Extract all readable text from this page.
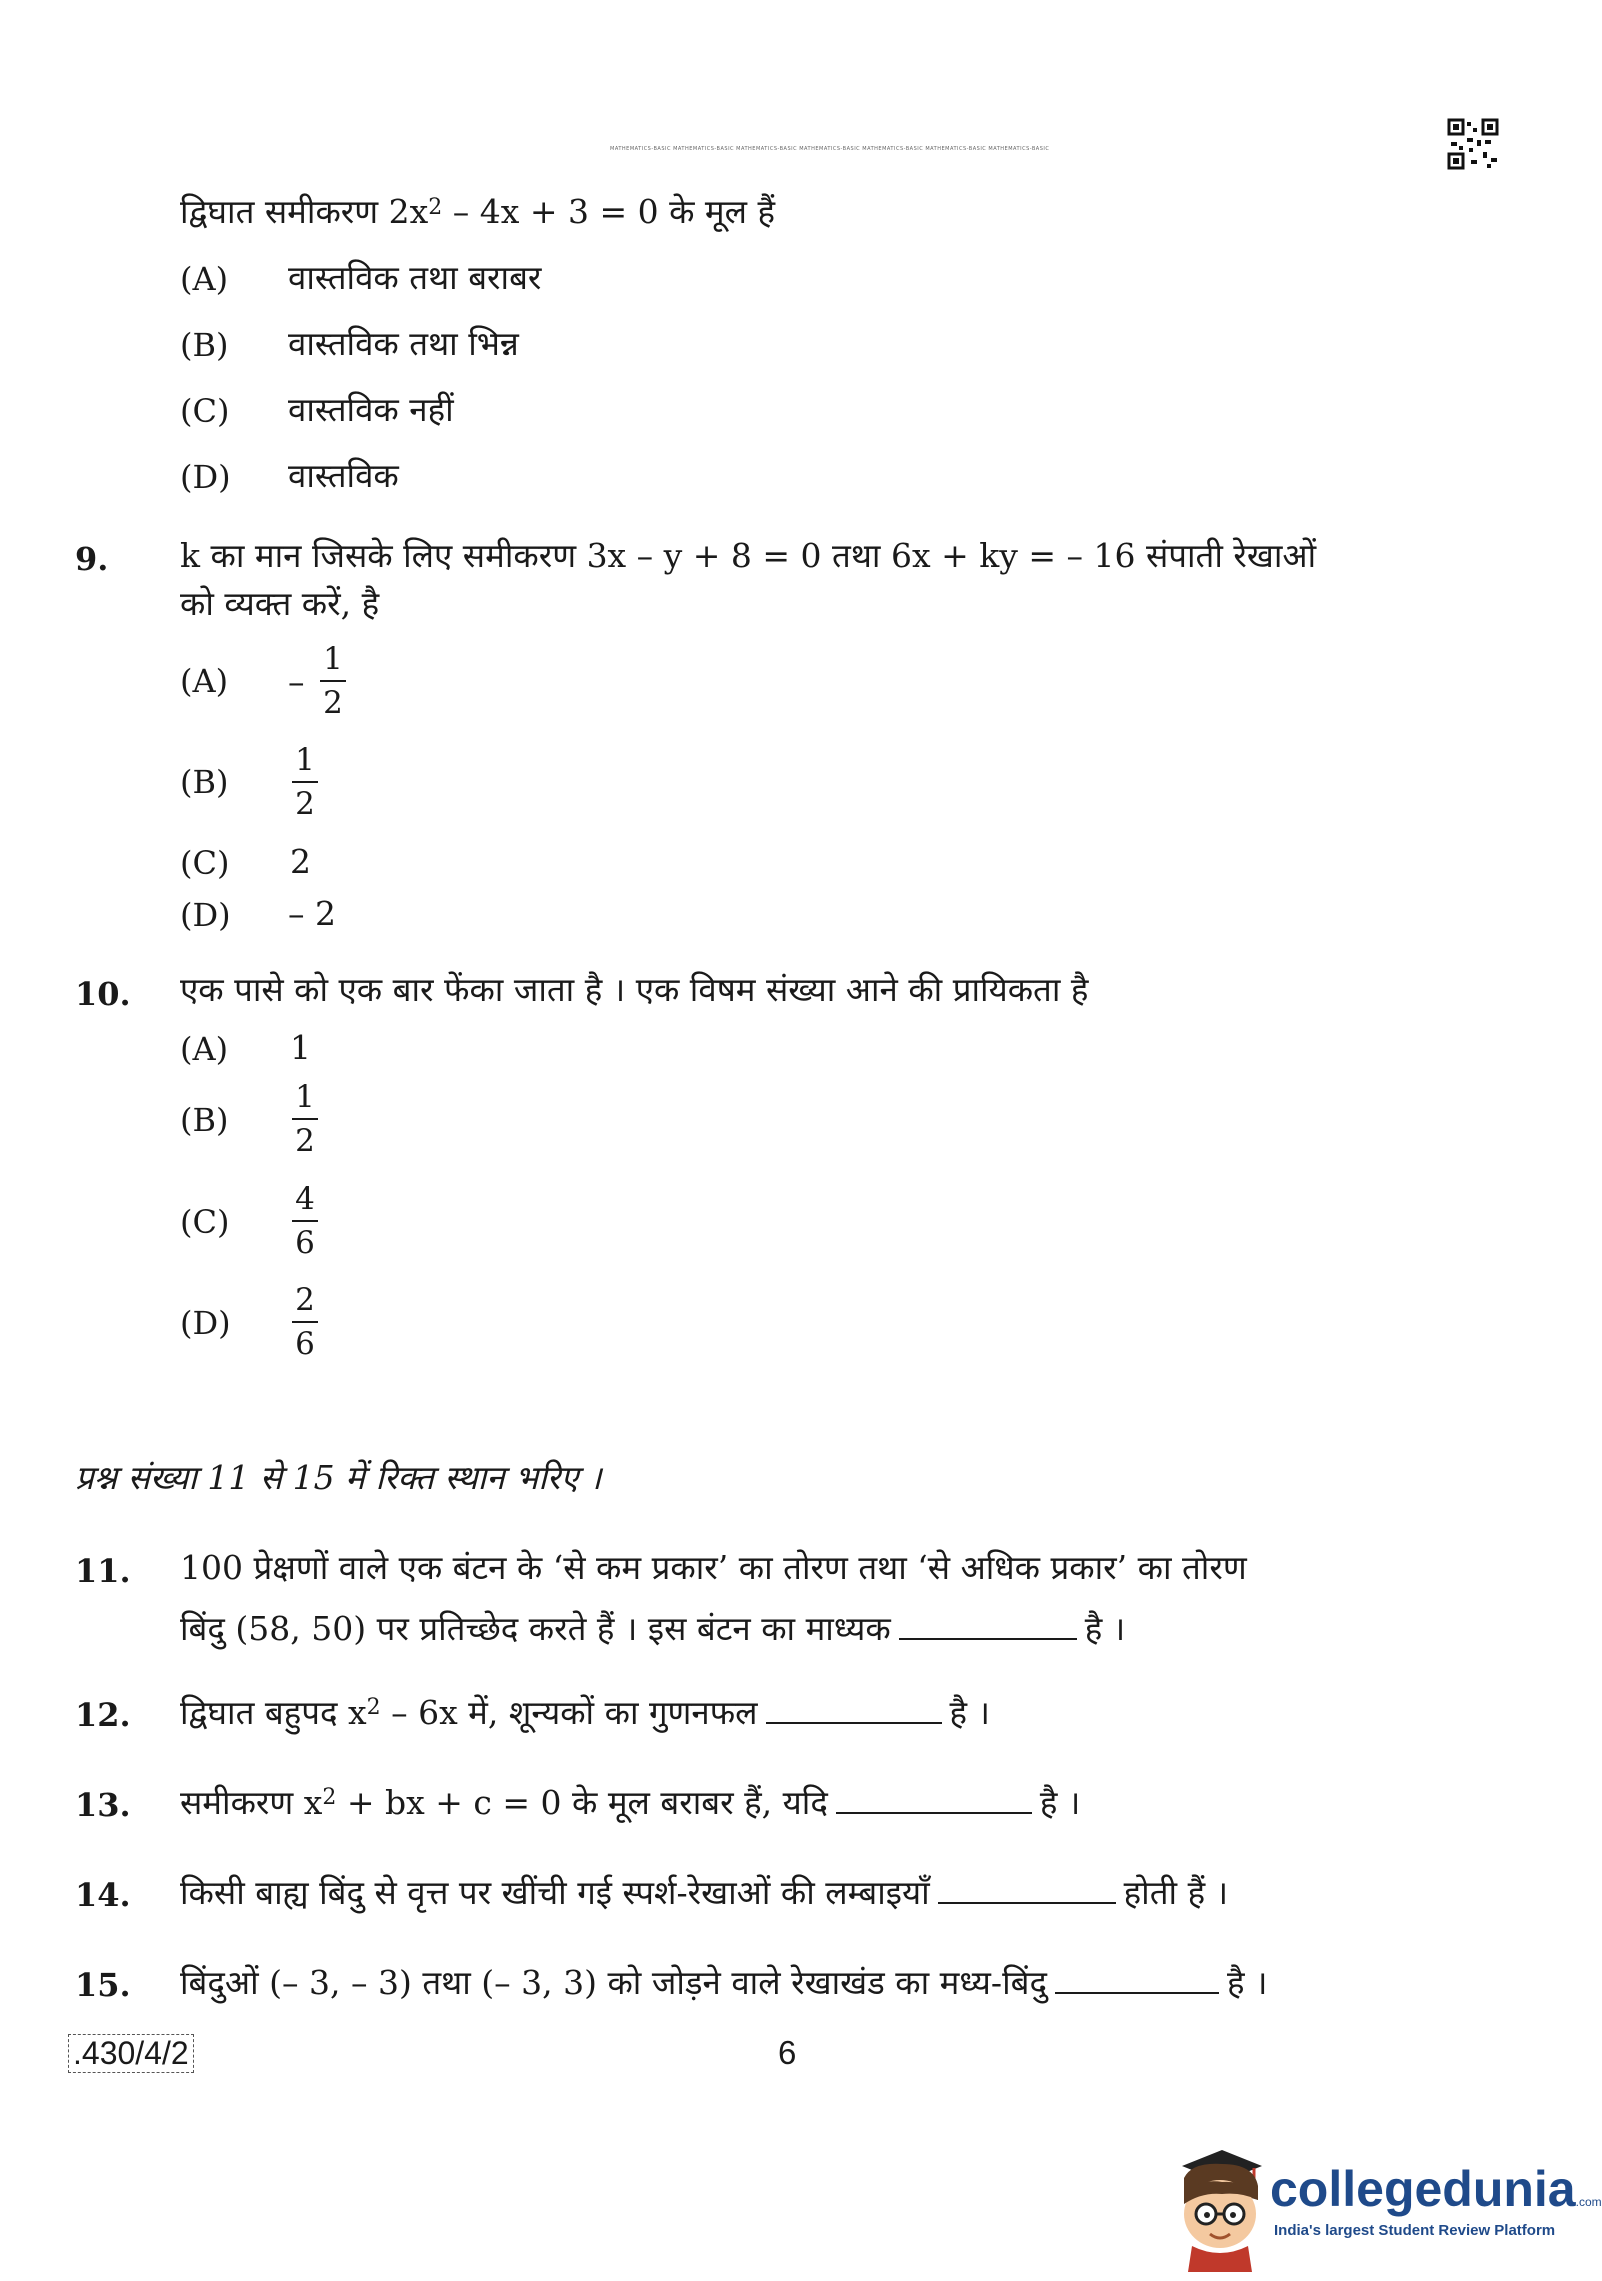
MATHEMATICS-BASIC MATHEMATICS-BASIC MATHEMATICS-BASIC MATHEMATICS-BASIC MATHEMATICS-BASIC MATHEMATICS-BASIC MATHEMATICS-BASIC
द्विघात समीकरण $2x^2 - 4x + 3 = 0$ के मूल हैं
(A) वास्तविक तथा बराबर
(B) वास्तविक तथा भिन्न
(C) वास्तविक नहीं
(D) वास्तविक
9. k का मान जिसके लिए समीकरण 3x – y + 8 = 0 तथा 6x + ky = – 16 संपाती रेखाओं
को व्यक्त करें, है
(A) –
1
2
(B)
1
2
(C) 2
(D) – 2
10. एक पासे को एक बार फेंका जाता है । एक विषम संख्या आने की प्रायिकता है
(A) 1
(B)
1
2
(C)
4
6
(D)
2
6
प्रश्न संख्या 11 से 15 में रिक्त स्थान भरिए ।
11. 100 प्रेक्षणों वाले एक बंटन के ‘से कम प्रकार’ का तोरण तथा ‘से अधिक प्रकार’ का तोरण
बिंदु (58, 50) पर प्रतिच्छेद करते हैं । इस बंटन का माध्यक	है ।
12. द्विघात बहुपद $x^2 - 6x$ में, शून्यकों का गुणनफल	है ।
13. समीकरण $x^2$ + bx + c = 0 के मूल बराबर हैं, यदि	है ।
14. किसी बाह्य बिंदु से वृत्त पर खींची गई स्पर्श-रेखाओं की लम्बाइयाँ	होती हैं ।
15. बिंदुओं (– 3, – 3) तथा (– 3, 3) को जोड़ने वाले रेखाखंड का मध्य-बिंदु	है ।
.430/4/2	6
collegedunia.com
India's largest Student Review Platform
